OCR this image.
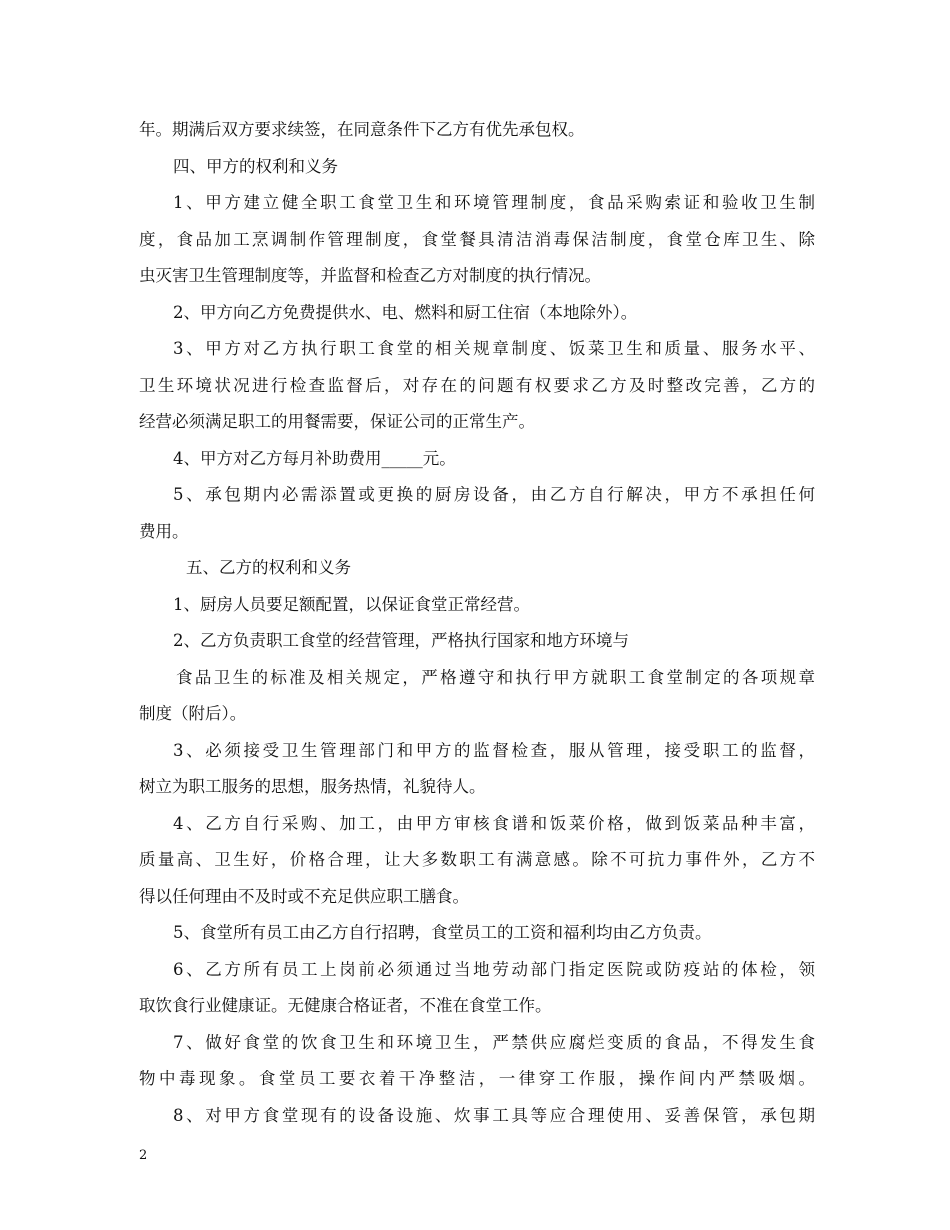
年。期满后双方要求续签，在同意条件下乙方有优先承包权。
四、甲方的权利和义务
1、甲方建立健全职工食堂卫生和环境管理制度，食品采购索证和验收卫生制
度，食品加工烹调制作管理制度，食堂餐具清洁消毒保洁制度，食堂仓库卫生、除
虫灭害卫生管理制度等，并监督和检查乙方对制度的执行情况。
2、甲方向乙方免费提供水、电、燃料和厨工住宿（本地除外）。
3、甲方对乙方执行职工食堂的相关规章制度、饭菜卫生和质量、服务水平、
卫生环境状况进行检查监督后，对存在的问题有权要求乙方及时整改完善，乙方的
经营必须满足职工的用餐需要，保证公司的正常生产。
4、甲方对乙方每月补助费用_____元。
5、承包期内必需添置或更换的厨房设备，由乙方自行解决，甲方不承担任何
费用。
五、乙方的权利和义务
1、厨房人员要足额配置，以保证食堂正常经营。
2、乙方负责职工食堂的经营管理，严格执行国家和地方环境与
食品卫生的标准及相关规定，严格遵守和执行甲方就职工食堂制定的各项规章
制度（附后）。
3、必须接受卫生管理部门和甲方的监督检查，服从管理，接受职工的监督，
树立为职工服务的思想，服务热情，礼貌待人。
4、乙方自行采购、加工，由甲方审核食谱和饭菜价格，做到饭菜品种丰富，
质量高、卫生好，价格合理，让大多数职工有满意感。除不可抗力事件外，乙方不
得以任何理由不及时或不充足供应职工膳食。
5、食堂所有员工由乙方自行招聘，食堂员工的工资和福利均由乙方负责。
6、乙方所有员工上岗前必须通过当地劳动部门指定医院或防疫站的体检，领
取饮食行业健康证。无健康合格证者，不准在食堂工作。
7、做好食堂的饮食卫生和环境卫生，严禁供应腐烂变质的食品，不得发生食
物中毒现象。食堂员工要衣着干净整洁，一律穿工作服，操作间内严禁吸烟。
8、对甲方食堂现有的设备设施、炊事工具等应合理使用、妥善保管，承包期
2
